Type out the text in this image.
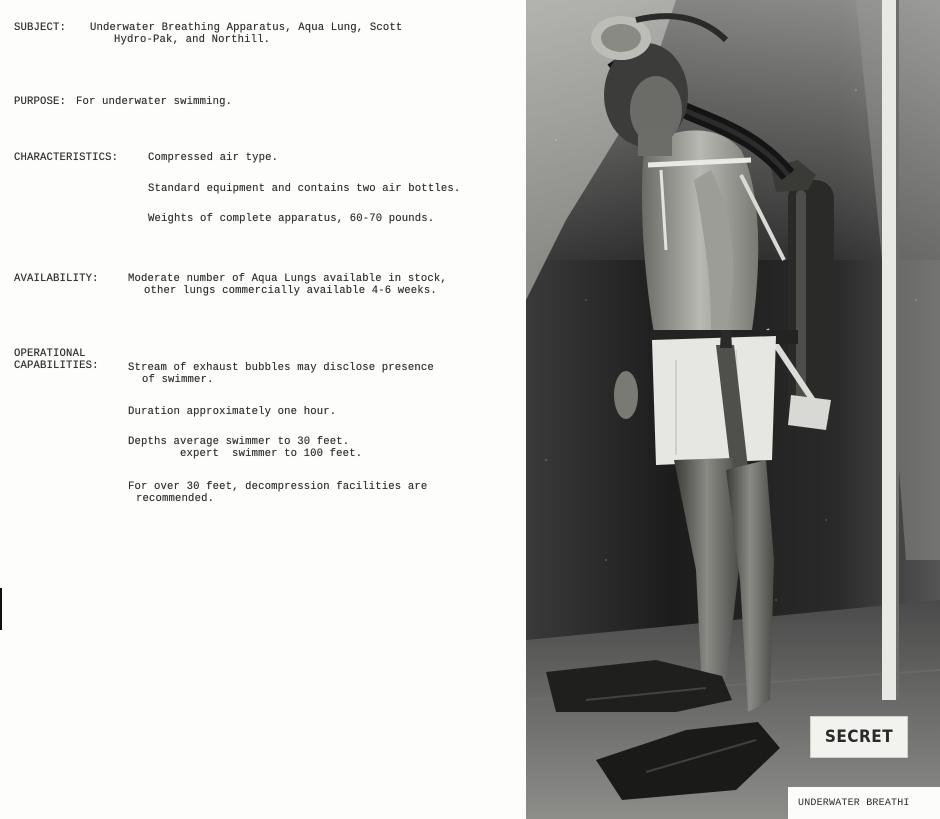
SUBJECT:

Underwater Breathing Apparatus, Aqua Lung, Scott

Hydro-Pak, and Northill.

PURPOSE:

For underwater swimming.

CHARACTERISTICS:

	Compressed air type.

Standard equipment and contains two air bottles.

Weights of complete apparatus, 60-70 pounds.

AVAILABILITY:

	Moderate number of Aqua Lungs available in stock,

other lungs commercially available 4-6 weeks.

OPERATIONAL

CAPABILITIES:

	Stream of exhaust bubbles may disclose presence

of swimmer.

Duration approximately one hour.

Depths average swimmer to 30 feet.

expert  swimmer to 100 feet.

For over 30 feet, decompression facilities are

recommended.

SECRET
UNDERWATER BREATHI
